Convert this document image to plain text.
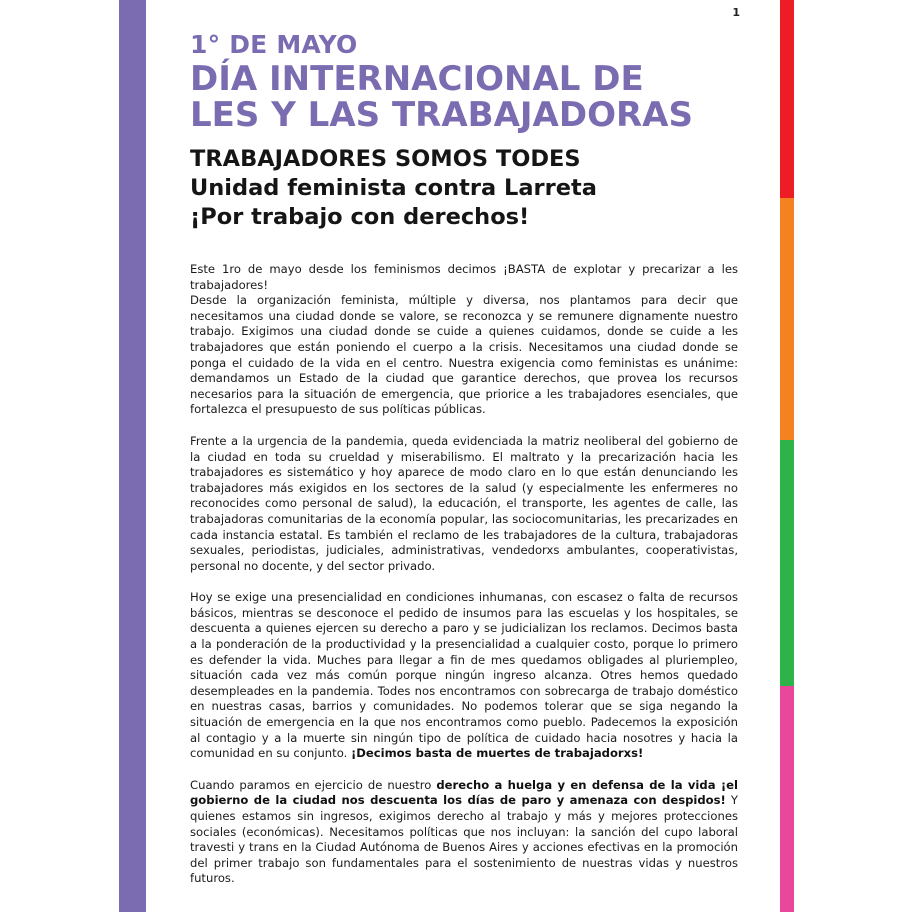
1
1° DE MAYO
DÍA INTERNACIONAL DE
LES Y LAS TRABAJADORAS
TRABAJADORES SOMOS TODES
Unidad feminista contra Larreta
¡Por trabajo con derechos!

Este 1ro de mayo desde los feminismos decimos ¡BASTA de explotar y precarizar a les trabajadores!
Desde la organización feminista, múltiple y diversa, nos plantamos para decir que necesitamos una ciudad donde se valore, se reconozca y se remunere dignamente nuestro trabajo. Exigimos una ciudad donde se cuide a quienes cuidamos, donde se cuide a les trabajadores que están poniendo el cuerpo a la crisis. Necesitamos una ciudad donde se ponga el cuidado de la vida en el centro. Nuestra exigencia como feministas es unánime: demandamos un Estado de la ciudad que garantice derechos, que provea los recursos necesarios para la situación de emergencia, que priorice a les trabajadores esenciales, que fortalezca el presupuesto de sus políticas públicas.

Frente a la urgencia de la pandemia, queda evidenciada la matriz neoliberal del gobierno de la ciudad en toda su crueldad y miserabilismo. El maltrato y la precarización hacia les trabajadores es sistemático y hoy aparece de modo claro en lo que están denunciando les trabajadores más exigidos en los sectores de la salud (y especialmente les enfermeres no reconocides como personal de salud), la educación, el transporte, les agentes de calle, las trabajadoras comunitarias de la economía popular, las sociocomunitarias, les precarizades en cada instancia estatal. Es también el reclamo de les trabajadores de la cultura, trabajadoras sexuales, periodistas, judiciales, administrativas, vendedorxs ambulantes, cooperativistas, personal no docente, y del sector privado.

Hoy se exige una presencialidad en condiciones inhumanas, con escasez o falta de recursos básicos, mientras se desconoce el pedido de insumos para las escuelas y los hospitales, se descuenta a quienes ejercen su derecho a paro y se judicializan los reclamos. Decimos basta a la ponderación de la productividad y la presencialidad a cualquier costo, porque lo primero es defender la vida. Muches para llegar a fin de mes quedamos obligades al pluriempleo, situación cada vez más común porque ningún ingreso alcanza. Otres hemos quedado desempleades en la pandemia. Todes nos encontramos con sobrecarga de trabajo doméstico en nuestras casas, barrios y comunidades. No podemos tolerar que se siga negando la situación de emergencia en la que nos encontramos como pueblo. Padecemos la exposición al contagio y a la muerte sin ningún tipo de política de cuidado hacia nosotres y hacia la comunidad en su conjunto. ¡Decimos basta de muertes de trabajadorxs!

Cuando paramos en ejercicio de nuestro derecho a huelga y en defensa de la vida ¡el gobierno de la ciudad nos descuenta los días de paro y amenaza con despidos! Y quienes estamos sin ingresos, exigimos derecho al trabajo y más y mejores protecciones sociales (económicas). Necesitamos políticas que nos incluyan: la sanción del cupo laboral travesti y trans en la Ciudad Autónoma de Buenos Aires y acciones efectivas en la promoción del primer trabajo son fundamentales para el sostenimiento de nuestras vidas y nuestros futuros.
